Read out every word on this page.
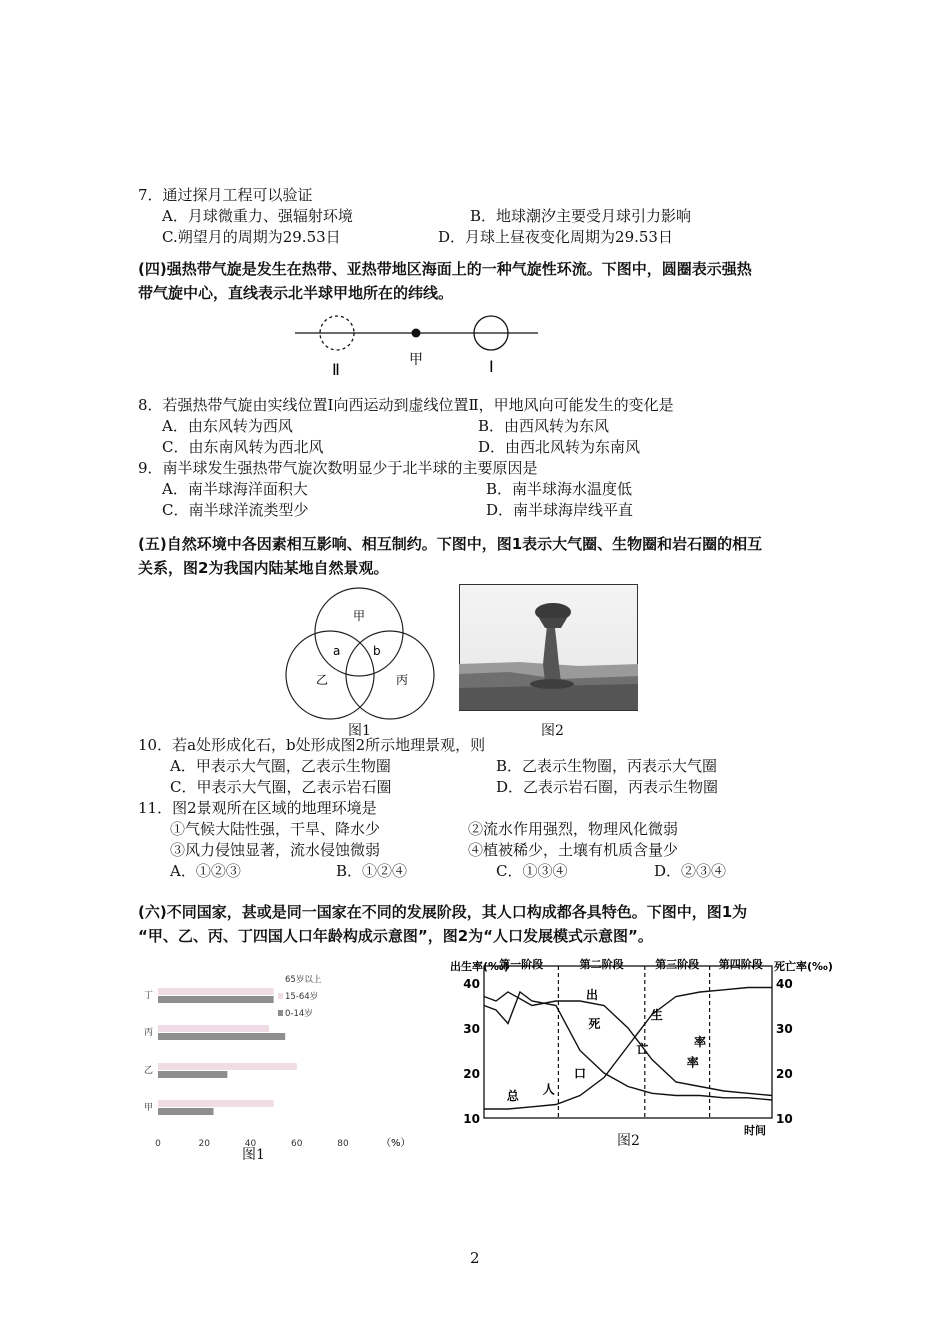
7．通过探月工程可以验证
A．月球微重力、强辐射环境	B．地球潮汐主要受月球引力影响
C.朔望月的周期为29.53日	D．月球上昼夜变化周期为29.53日
(四)强热带气旋是发生在热带、亚热带地区海面上的一种气旋性环流。下图中，圆圈表示强热
带气旋中心，直线表示北半球甲地所在的纬线。
Ⅱ	甲	Ⅰ
8．若强热带气旋由实线位置Ⅰ向西运动到虚线位置Ⅱ，甲地风向可能发生的变化是
A．由东风转为西风	B．由西风转为东风
C．由东南风转为西北风	D．由西北风转为东南风
9．南半球发生强热带气旋次数明显少于北半球的主要原因是
A．南半球海洋面积大	B．南半球海水温度低
C．南半球洋流类型少	D．南半球海岸线平直
(五)自然环境中各因素相互影响、相互制约。下图中，图1表示大气圈、生物圈和岩石圈的相互
关系，图2为我国内陆某地自然景观。
甲
乙	丙
a	b
图1	图2
10．若a处形成化石，b处形成图2所示地理景观，则
A．甲表示大气圈，乙表示生物圈	B．乙表示生物圈，丙表示大气圈
C．甲表示大气圈，乙表示岩石圈	D．乙表示岩石圈，丙表示生物圈
11．图2景观所在区域的地理环境是
①气候大陆性强，干旱、降水少	②流水作用强烈，物理风化微弱
③风力侵蚀显著，流水侵蚀微弱	④植被稀少，土壤有机质含量少
A．①②③	B．①②④	C．①③④	D．②③④
(六)不同国家，甚或是同一国家在不同的发展阶段，其人口构成都各具特色。下图中，图1为
“甲、乙、丙、丁四国人口年龄构成示意图”，图2为“人口发展模式示意图”。
65岁以上
15-64岁
0-14岁
丁
丙
乙
甲
0	20	40	60	80	（%）
图1
第一阶段	第二阶段	第三阶段 第四阶段
10	10
20	20
30	30
40	40
出生率(‰)	死亡率(‰)
时间
出
生
率
死
亡
率
总 人
口
图2
2
